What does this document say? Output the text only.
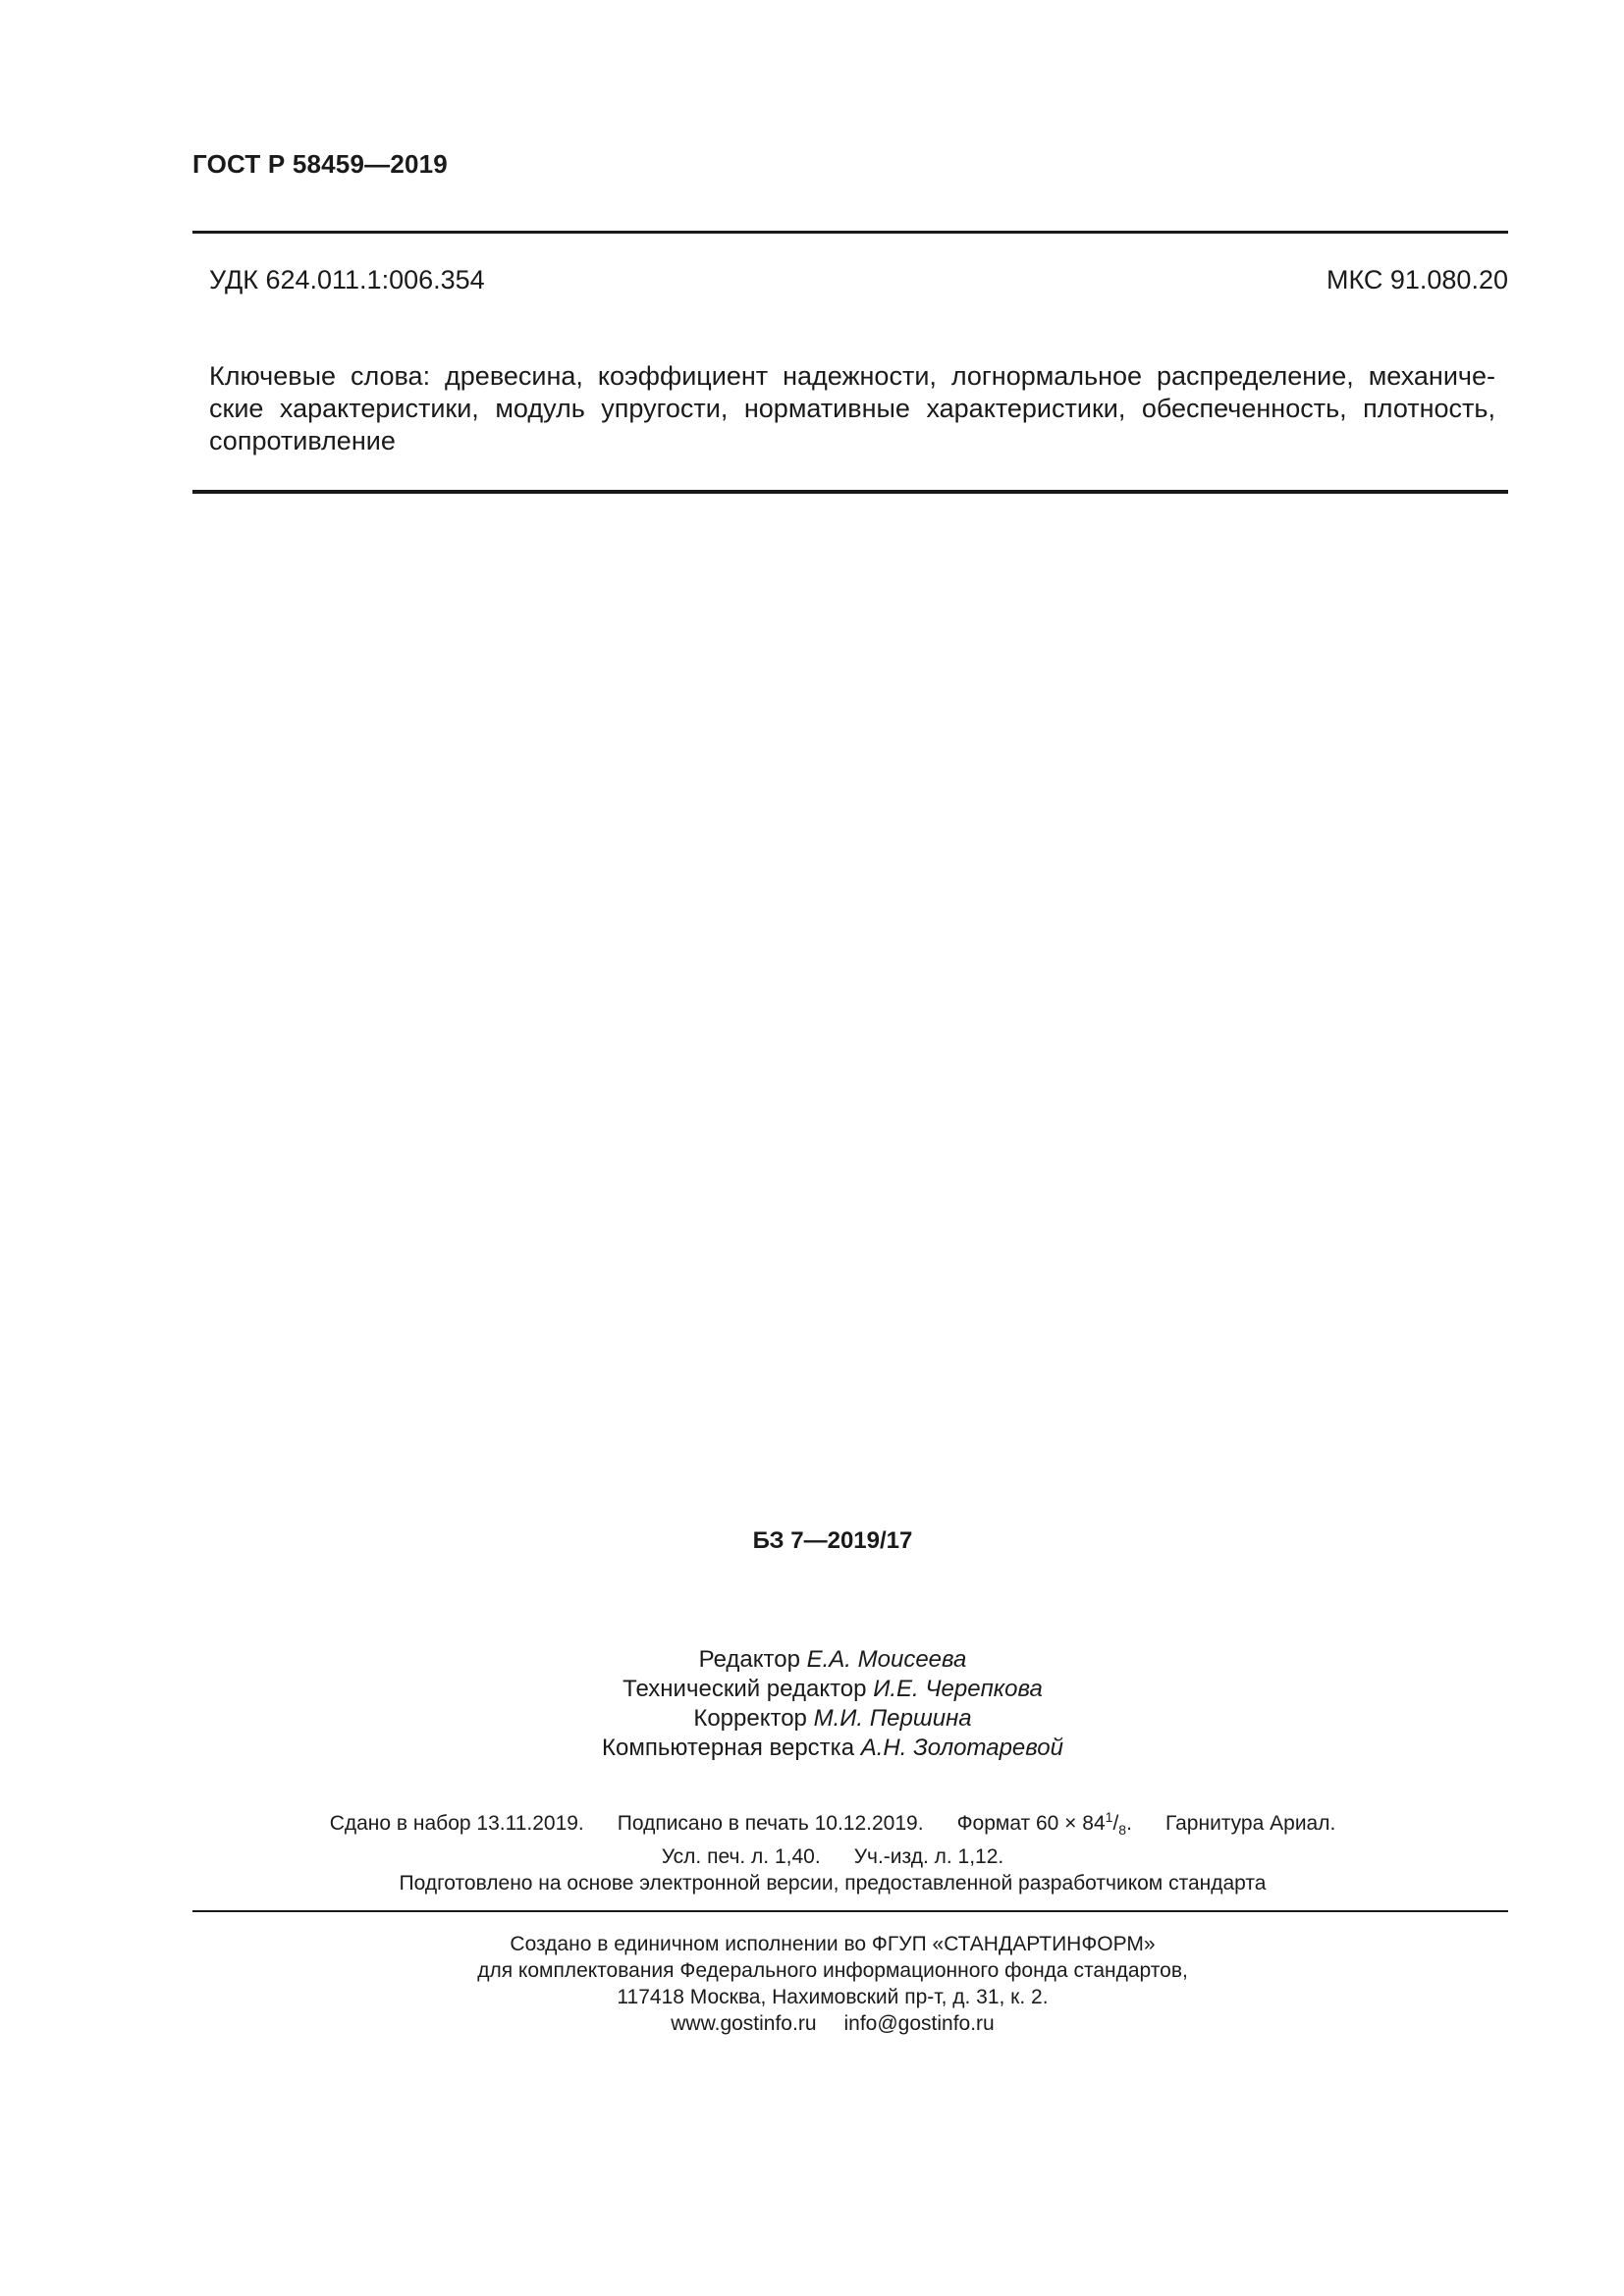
ГОСТ Р 58459—2019
УДК 624.011.1:006.354	МКС 91.080.20
Ключевые слова: древесина, коэффициент надежности, логнормальное распределение, механиче-
ские характеристики, модуль упругости, нормативные характеристики, обеспеченность, плотность,
сопротивление
БЗ 7—2019/17
Редактор Е.А. Моисеева
Технический редактор И.Е. Черепкова
Корректор М.И. Першина
Компьютерная верстка А.Н. Золотаревой
Сдано в набор 13.11.2019. Подписано в печать 10.12.2019. Формат $60 \times 84^1/_8$. Гарнитура Ариал.
Усл. печ. л. 1,40. Уч.-изд. л. 1,12.
Подготовлено на основе электронной версии, предоставленной разработчиком стандарта
Создано в единичном исполнении во ФГУП «СТАНДАРТИНФОРМ»
для комплектования Федерального информационного фонда стандартов,
117418 Москва, Нахимовский пр-т, д. 31, к. 2.
www.gostinfo.ru info@gostinfo.ru
